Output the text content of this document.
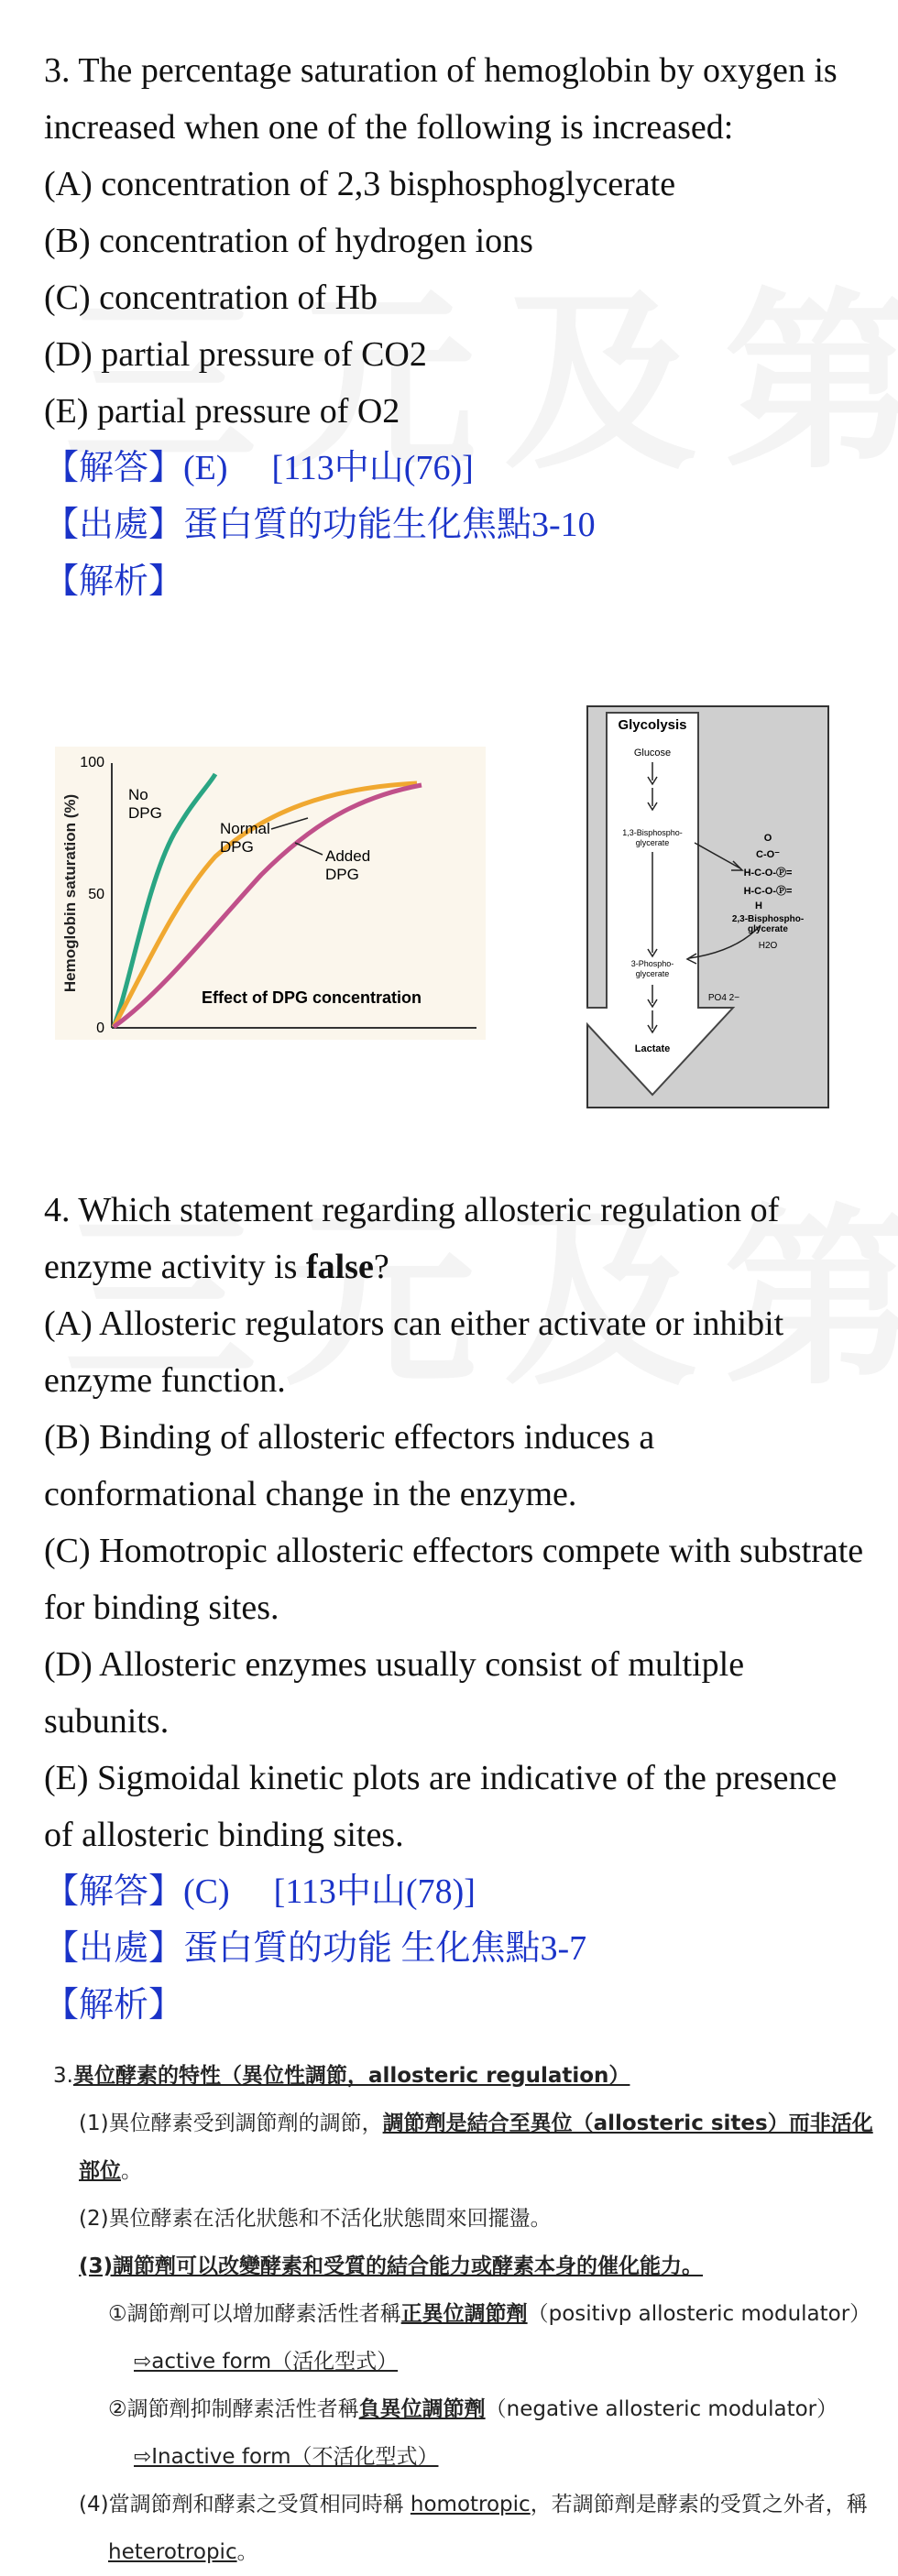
3. The percentage saturation of hemoglobin by oxygen is increased when one of the following is increased:

(A) concentration of 2,3 bisphosphoglycerate

(B) concentration of hydrogen ions

(C) concentration of Hb

(D) partial pressure of CO2

(E) partial pressure of O2

【解答】(E) [113中山(76)]

【出處】蛋白質的功能生化焦點3-10

【解析】

Hemoglobin saturation (%)
100
50
0
No
DPG
Normal
DPG
Added
DPG
Effect of DPG concentration
Glycolysis
Glucose
1,3-Bisphospho-
glycerate
3-Phospho-
glycerate
Lactate
O
C-O⁻
H-C-O-Ⓟ=
H-C-O-Ⓟ=
H
2,3-Bisphospho-
glycerate
H2O
PO4 2−

4. Which statement regarding allosteric regulation of enzyme activity is false?

(A) Allosteric regulators can either activate or inhibit enzyme function.

(B) Binding of allosteric effectors induces a conformational change in the enzyme.

(C) Homotropic allosteric effectors compete with substrate for binding sites.

(D) Allosteric enzymes usually consist of multiple subunits.

(E) Sigmoidal kinetic plots are indicative of the presence of allosteric binding sites.

【解答】(C) [113中山(78)]

【出處】蛋白質的功能 生化焦點3-7

【解析】

3.異位酵素的特性（異位性調節，allosteric regulation）
(1)異位酵素受到調節劑的調節，調節劑是結合至異位（allosteric sites）而非活化部位。
(2)異位酵素在活化狀態和不活化狀態間來回擺盪。
(3)調節劑可以改變酵素和受質的結合能力或酵素本身的催化能力。
①調節劑可以增加酵素活性者稱正異位調節劑（positivp allosteric modulator）
⇨active form（活化型式）
②調節劑抑制酵素活性者稱負異位調節劑（negative allosteric modulator）
⇨Inactive form（不活化型式）
(4)當調節劑和酵素之受質相同時稱 homotropic，若調節劑是酵素的受質之外者，稱
heterotropic。
